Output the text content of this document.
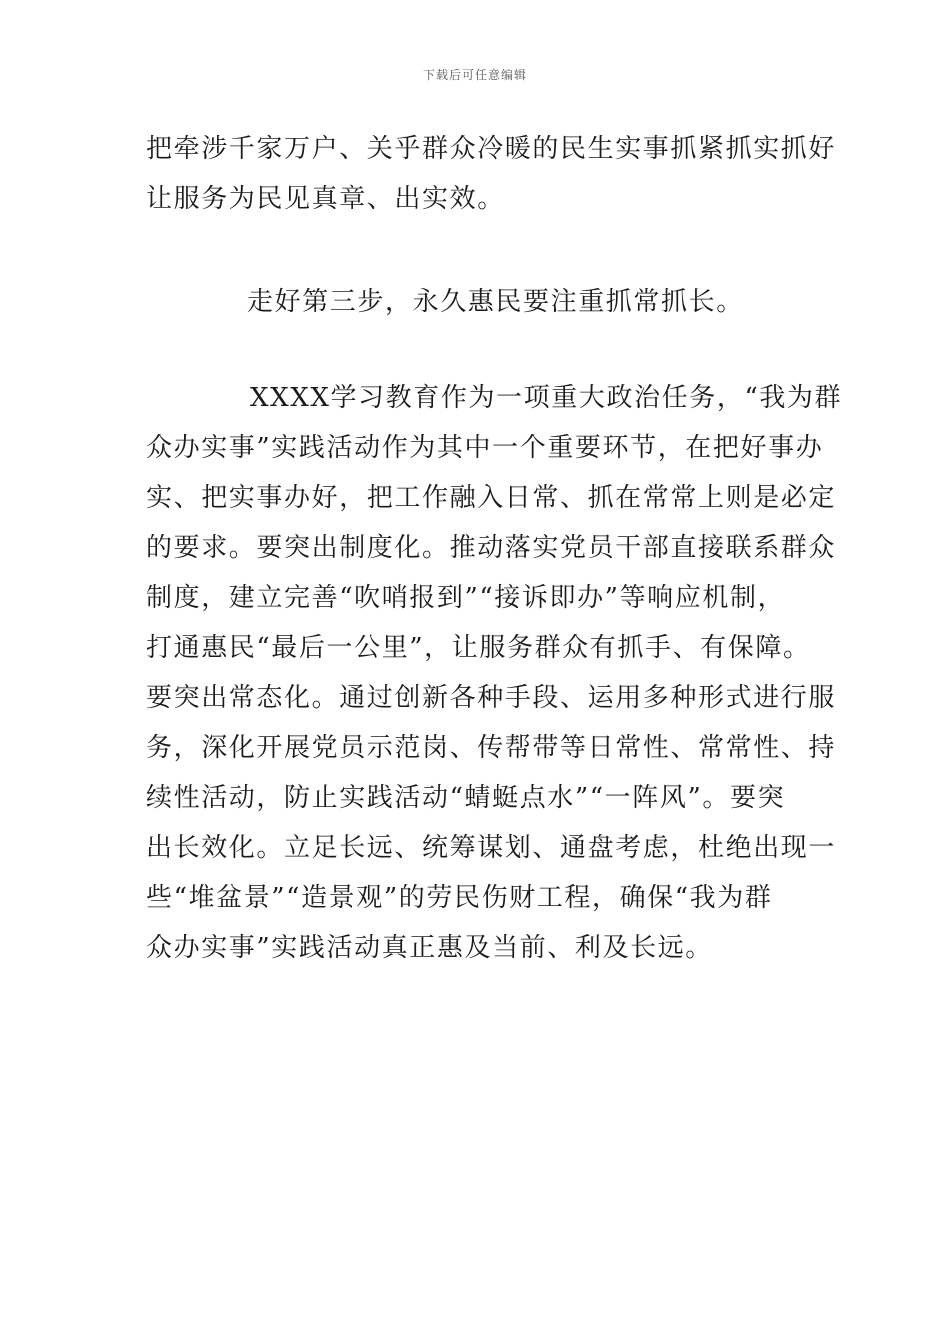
下载后可任意编辑
把牵涉千家万户、关乎群众冷暖的民生实事抓紧抓实抓好
让服务为民见真章、出实效。
走好第三步，永久惠民要注重抓常抓长。
XXXX学习教育作为一项重大政治任务，“我为群
众办实事”实践活动作为其中一个重要环节，在把好事办
实、把实事办好，把工作融入日常、抓在常常上则是必定
的要求。要突出制度化。推动落实党员干部直接联系群众
制度，建立完善“吹哨报到”“接诉即办”等响应机制，
打通惠民“最后一公里”，让服务群众有抓手、有保障。
要突出常态化。通过创新各种手段、运用多种形式进行服
务，深化开展党员示范岗、传帮带等日常性、常常性、持
续性活动，防止实践活动“蜻蜓点水”“一阵风”。要突
出长效化。立足长远、统筹谋划、通盘考虑，杜绝出现一
些“堆盆景”“造景观”的劳民伤财工程，确保“我为群
众办实事”实践活动真正惠及当前、利及长远。
